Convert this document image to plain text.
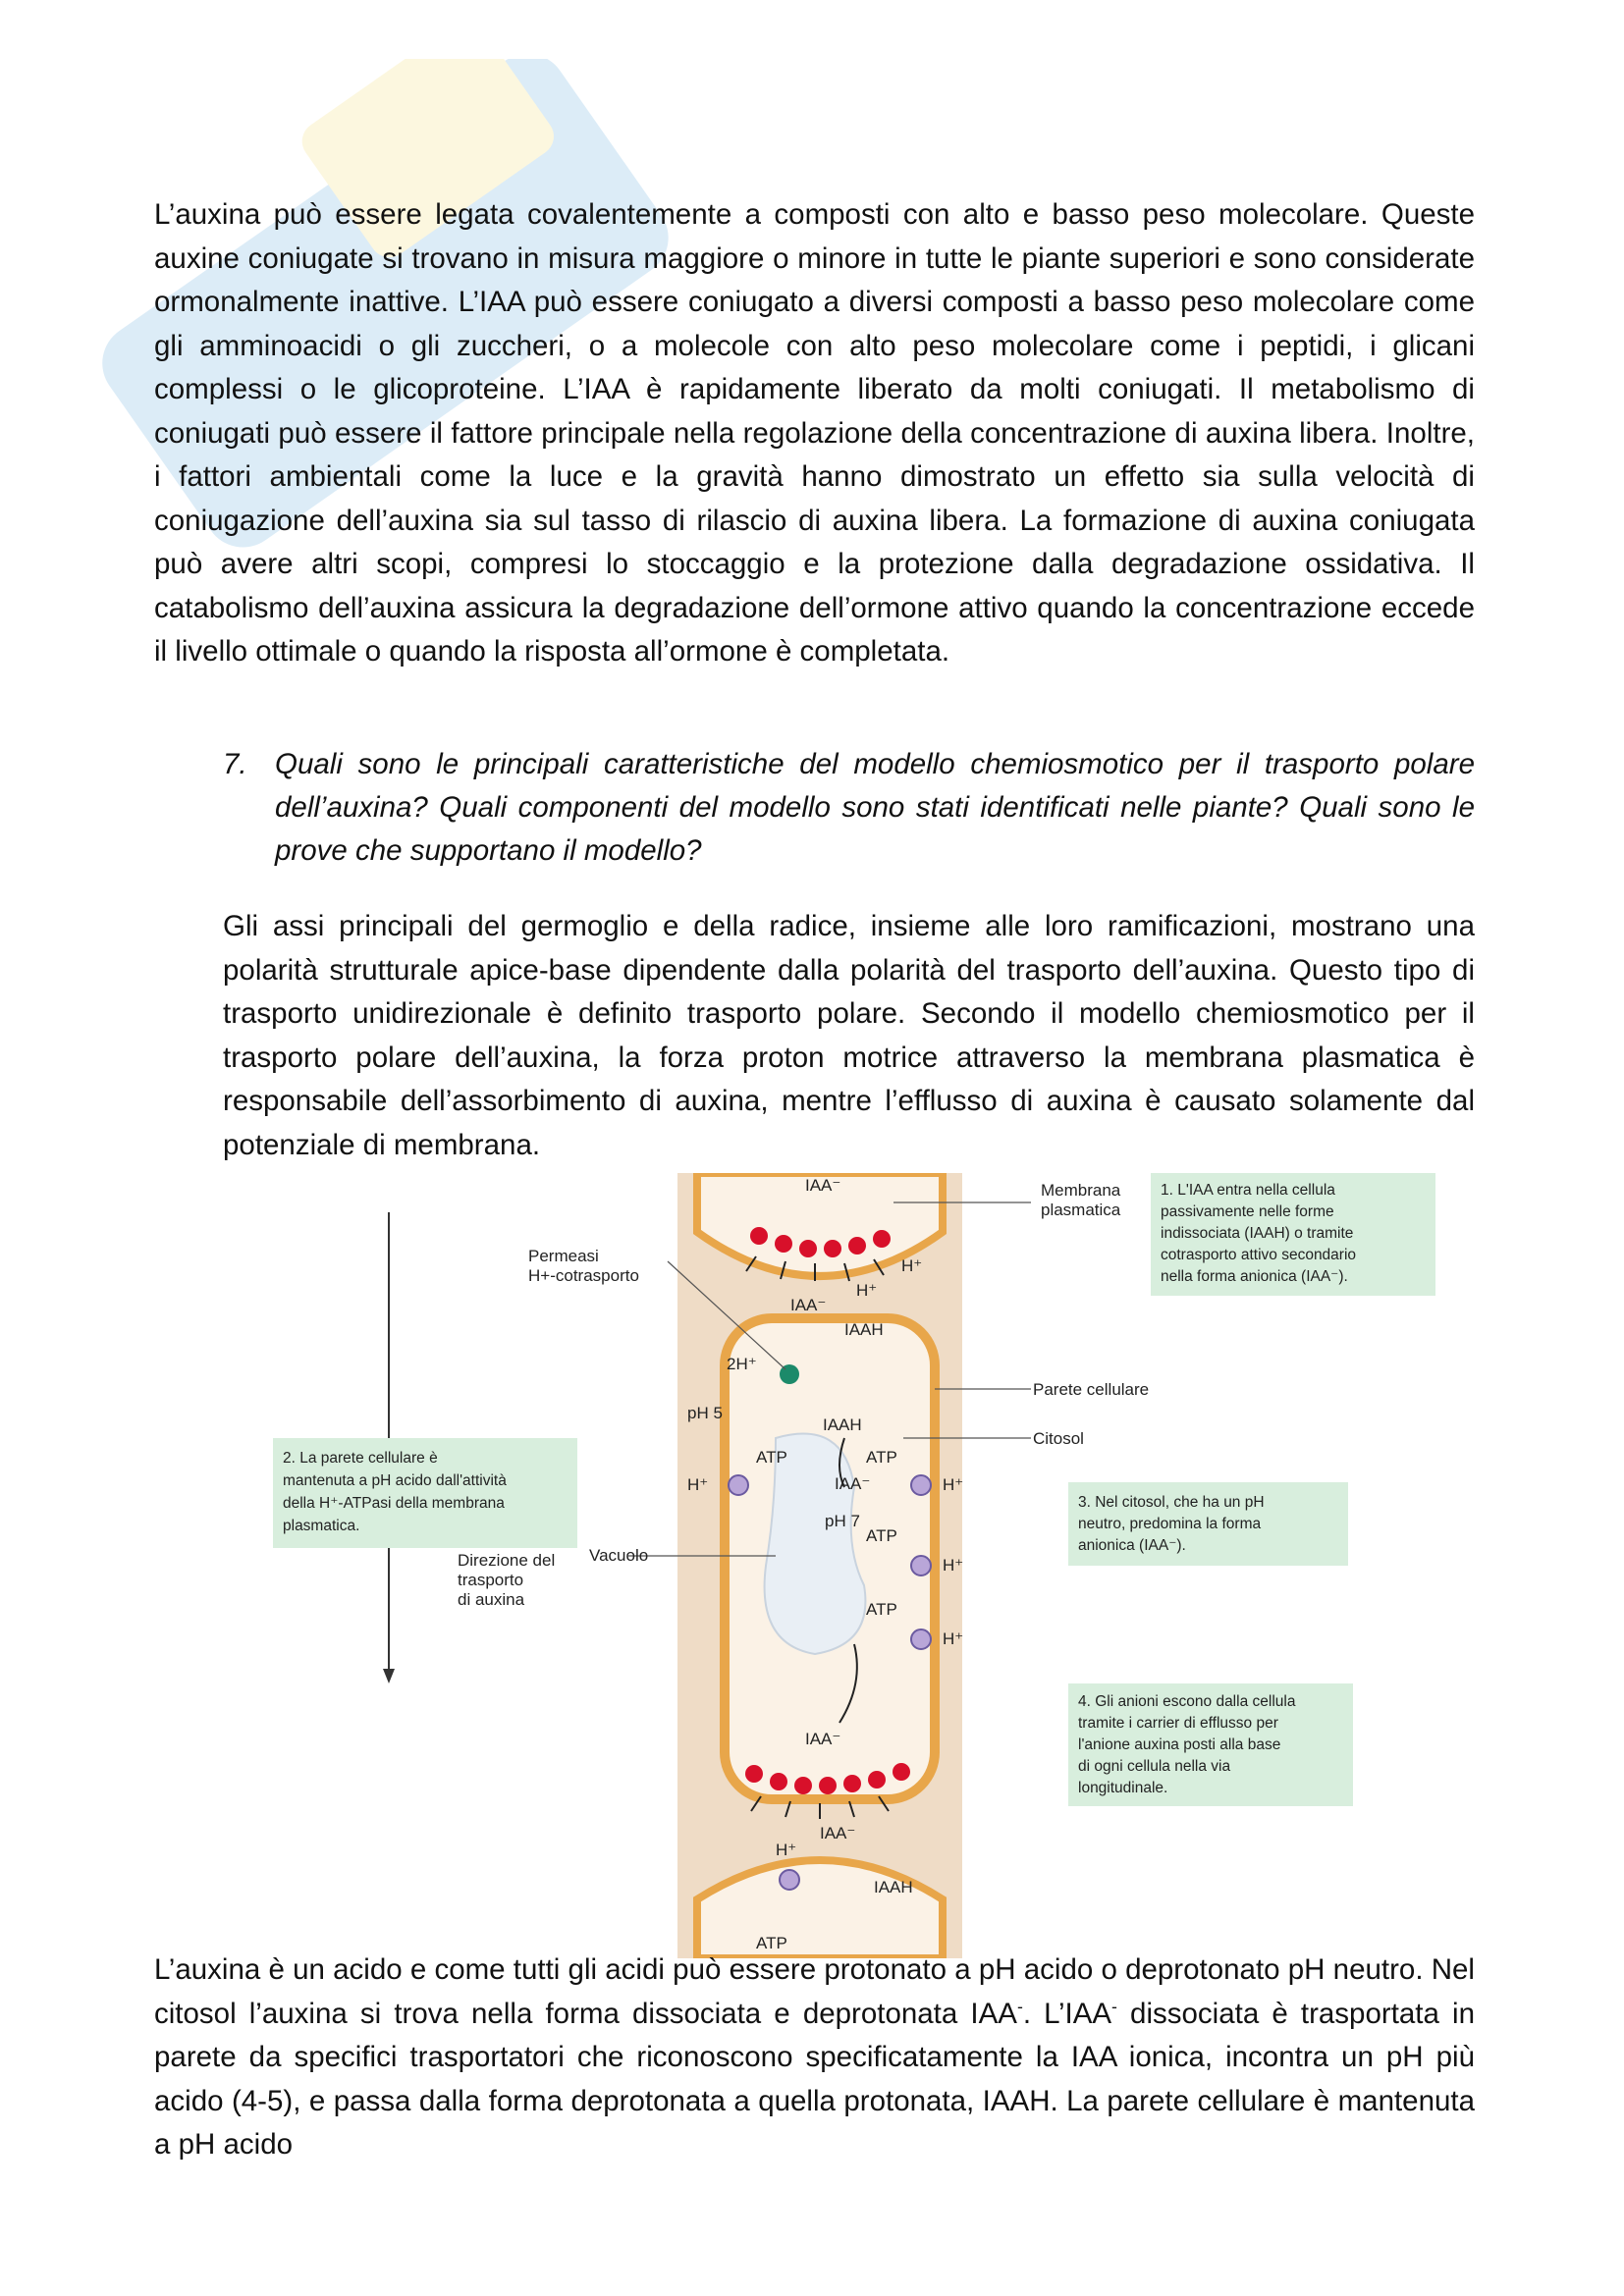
L’auxina può essere legata covalentemente a composti con alto e basso peso molecolare. Queste auxine coniugate si trovano in misura maggiore o minore in tutte le piante superiori e sono considerate ormonalmente inattive. L’IAA può essere coniugato a diversi composti a basso peso molecolare come gli amminoacidi o gli zuccheri, o a molecole con alto peso molecolare come i peptidi, i glicani complessi o le glicoproteine. L’IAA è rapidamente liberato da molti coniugati. Il metabolismo di coniugati può essere il fattore principale nella regolazione della concentrazione di auxina libera. Inoltre, i fattori ambientali come la luce e la gravità hanno dimostrato un effetto sia sulla velocità di coniugazione dell’auxina sia sul tasso di rilascio di auxina libera. La formazione di auxina coniugata può avere altri scopi, compresi lo stoccaggio e la protezione dalla degradazione ossidativa. Il catabolismo dell’auxina assicura la degradazione dell’ormone attivo quando la concentrazione eccede il livello ottimale o quando la risposta all’ormone è completata.

7. Quali sono le principali caratteristiche del modello chemiosmotico per il trasporto polare dell’auxina? Quali componenti del modello sono stati identificati nelle piante? Quali sono le prove che supportano il modello?

Gli assi principali del germoglio e della radice, insieme alle loro ramificazioni, mostrano una polarità strutturale apice-base dipendente dalla polarità del trasporto dell’auxina. Questo tipo di trasporto unidirezionale è definito trasporto polare. Secondo il modello chemiosmotico per il trasporto polare dell’auxina, la forza proton motrice attraverso la membrana plasmatica è responsabile dell’assorbimento di auxina, mentre l’efflusso di auxina è causato solamente dal potenziale di membrana.

Membrana
plasmatica
Permeasi
H+-cotrasporto
Parete cellulare
Citosol
Vacuolo
Direzione del
trasporto
di auxina
pH 5
pH 7
ATP	ATP
ATP
ATP
ATP
IAA⁻
IAA⁻
IAA⁻
IAA⁻
IAA⁻
IAAH
IAAH
IAAH
2H⁺
H⁺	H⁺
H⁺
H⁺
H⁺
H⁺
H⁺
1. L'IAA entra nella cellula
passivamente nelle forme
indissociata (IAAH) o tramite
cotrasporto attivo secondario
nella forma anionica (IAA⁻).
2. La parete cellulare è
mantenuta a pH acido dall'attività
della H⁺-ATPasi della membrana
plasmatica.
3. Nel citosol, che ha un pH
neutro, predomina la forma
anionica (IAA⁻).
4. Gli anioni escono dalla cellula
tramite i carrier di efflusso per
l'anione auxina posti alla base
di ogni cellula nella via
longitudinale.

L’auxina è un acido e come tutti gli acidi può essere protonato a pH acido o deprotonato pH neutro. Nel citosol l’auxina si trova nella forma dissociata e deprotonata IAA-. L’IAA- dissociata è trasportata in parete da specifici trasportatori che riconoscono specificatamente la IAA ionica, incontra un pH più acido (4-5), e passa dalla forma deprotonata a quella protonata, IAAH. La parete cellulare è mantenuta a pH acido
